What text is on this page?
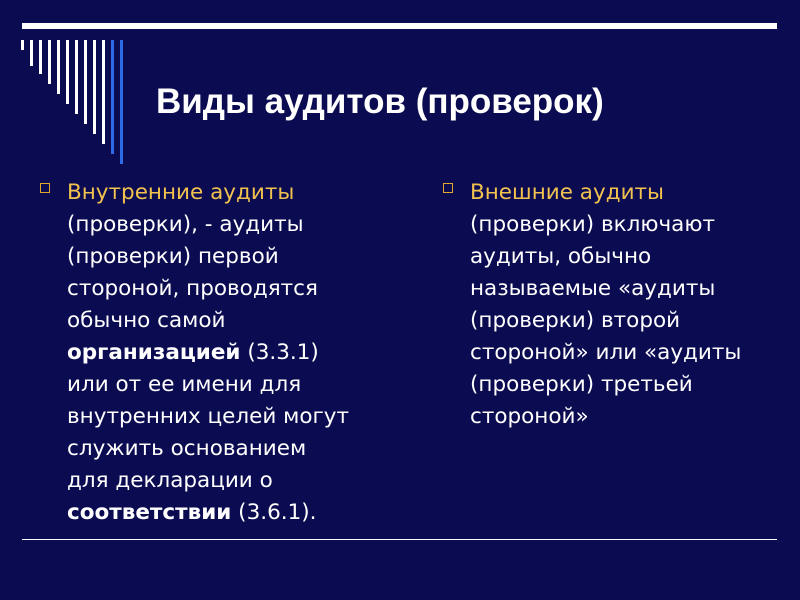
Виды аудитов (проверок)
Внутренние аудиты
(проверки), - аудиты
(проверки) первой
стороной, проводятся
обычно самой
организацией (3.3.1)
или от ее имени для
внутренних целей могут
служить основанием
для декларации о
соответствии (3.6.1).
Внешние аудиты
(проверки) включают
аудиты, обычно
называемые «аудиты
(проверки) второй
стороной» или «аудиты
(проверки) третьей
стороной»
